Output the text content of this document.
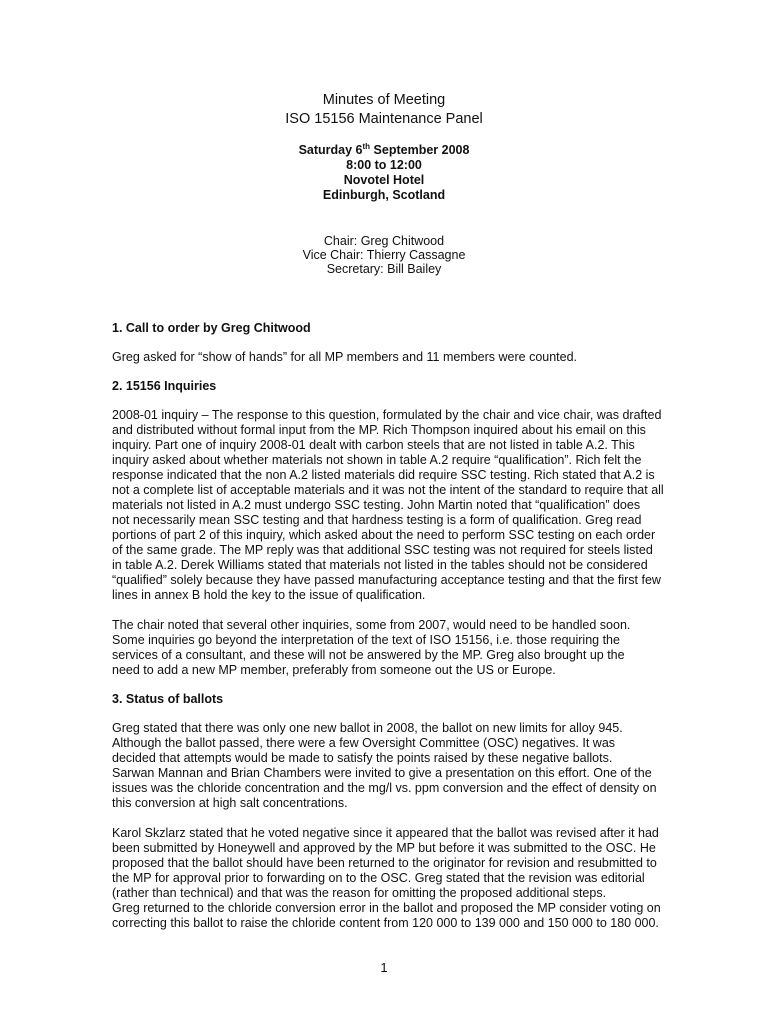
Minutes of Meeting
ISO 15156 Maintenance Panel
Saturday 6th September 2008
8:00 to 12:00
Novotel Hotel
Edinburgh, Scotland
Chair: Greg Chitwood
Vice Chair: Thierry Cassagne
Secretary: Bill Bailey
1. Call to order by Greg Chitwood
Greg asked for “show of hands” for all MP members and 11 members were counted.
2. 15156 Inquiries
2008-01 inquiry – The response to this question, formulated by the chair and vice chair, was drafted
and distributed without formal input from the MP. Rich Thompson inquired about his email on this
inquiry. Part one of inquiry 2008-01 dealt with carbon steels that are not listed in table A.2. This
inquiry asked about whether materials not shown in table A.2 require “qualification”. Rich felt the
response indicated that the non A.2 listed materials did require SSC testing. Rich stated that A.2 is
not a complete list of acceptable materials and it was not the intent of the standard to require that all
materials not listed in A.2 must undergo SSC testing. John Martin noted that “qualification” does
not necessarily mean SSC testing and that hardness testing is a form of qualification. Greg read
portions of part 2 of this inquiry, which asked about the need to perform SSC testing on each order
of the same grade. The MP reply was that additional SSC testing was not required for steels listed
in table A.2. Derek Williams stated that materials not listed in the tables should not be considered
“qualified” solely because they have passed manufacturing acceptance testing and that the first few
lines in annex B hold the key to the issue of qualification.
The chair noted that several other inquiries, some from 2007, would need to be handled soon.
Some inquiries go beyond the interpretation of the text of ISO 15156, i.e. those requiring the
services of a consultant, and these will not be answered by the MP. Greg also brought up the
need to add a new MP member, preferably from someone out the US or Europe.
3. Status of ballots
Greg stated that there was only one new ballot in 2008, the ballot on new limits for alloy 945.
Although the ballot passed, there were a few Oversight Committee (OSC) negatives. It was
decided that attempts would be made to satisfy the points raised by these negative ballots.
Sarwan Mannan and Brian Chambers were invited to give a presentation on this effort. One of the
issues was the chloride concentration and the mg/l vs. ppm conversion and the effect of density on
this conversion at high salt concentrations.
Karol Skzlarz stated that he voted negative since it appeared that the ballot was revised after it had
been submitted by Honeywell and approved by the MP but before it was submitted to the OSC. He
proposed that the ballot should have been returned to the originator for revision and resubmitted to
the MP for approval prior to forwarding on to the OSC. Greg stated that the revision was editorial
(rather than technical) and that was the reason for omitting the proposed additional steps.
Greg returned to the chloride conversion error in the ballot and proposed the MP consider voting on
correcting this ballot to raise the chloride content from 120 000 to 139 000 and 150 000 to 180 000.
1
